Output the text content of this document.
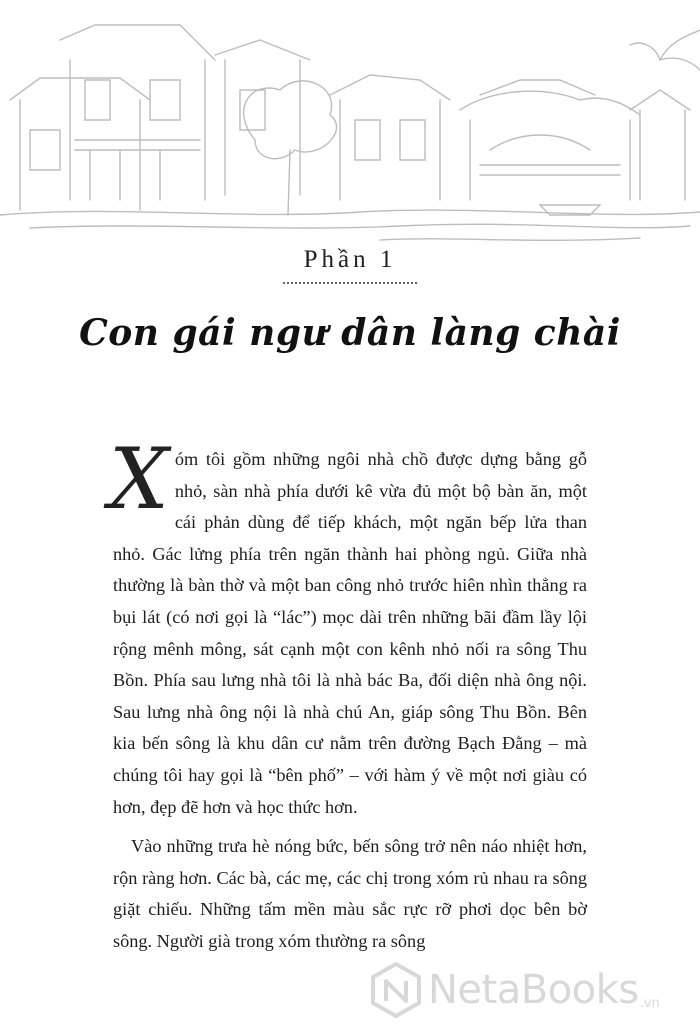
Phần 1
Con gái ngư dân làng chài

Xóm tôi gồm những ngôi nhà chồ được dựng bằng gỗ nhỏ, sàn nhà phía dưới kê vừa đủ một bộ bàn ăn, một cái phản dùng để tiếp khách, một ngăn bếp lửa than nhỏ. Gác lửng phía trên ngăn thành hai phòng ngủ. Giữa nhà thường là bàn thờ và một ban công nhỏ trước hiên nhìn thẳng ra bụi lát (có nơi gọi là “lác”) mọc dài trên những bãi đầm lầy lội rộng mênh mông, sát cạnh một con kênh nhỏ nối ra sông Thu Bồn. Phía sau lưng nhà tôi là nhà bác Ba, đối diện nhà ông nội. Sau lưng nhà ông nội là nhà chú An, giáp sông Thu Bồn. Bên kia bến sông là khu dân cư nằm trên đường Bạch Đằng – mà chúng tôi hay gọi là “bên phố” – với hàm ý về một nơi giàu có hơn, đẹp đẽ hơn và học thức hơn.

Vào những trưa hè nóng bức, bến sông trở nên náo nhiệt hơn, rộn ràng hơn. Các bà, các mẹ, các chị trong xóm rủ nhau ra sông giặt chiếu. Những tấm mền màu sắc rực rỡ phơi dọc bên bờ sông. Người già trong xóm thường ra sông

NetaBooks .vn
